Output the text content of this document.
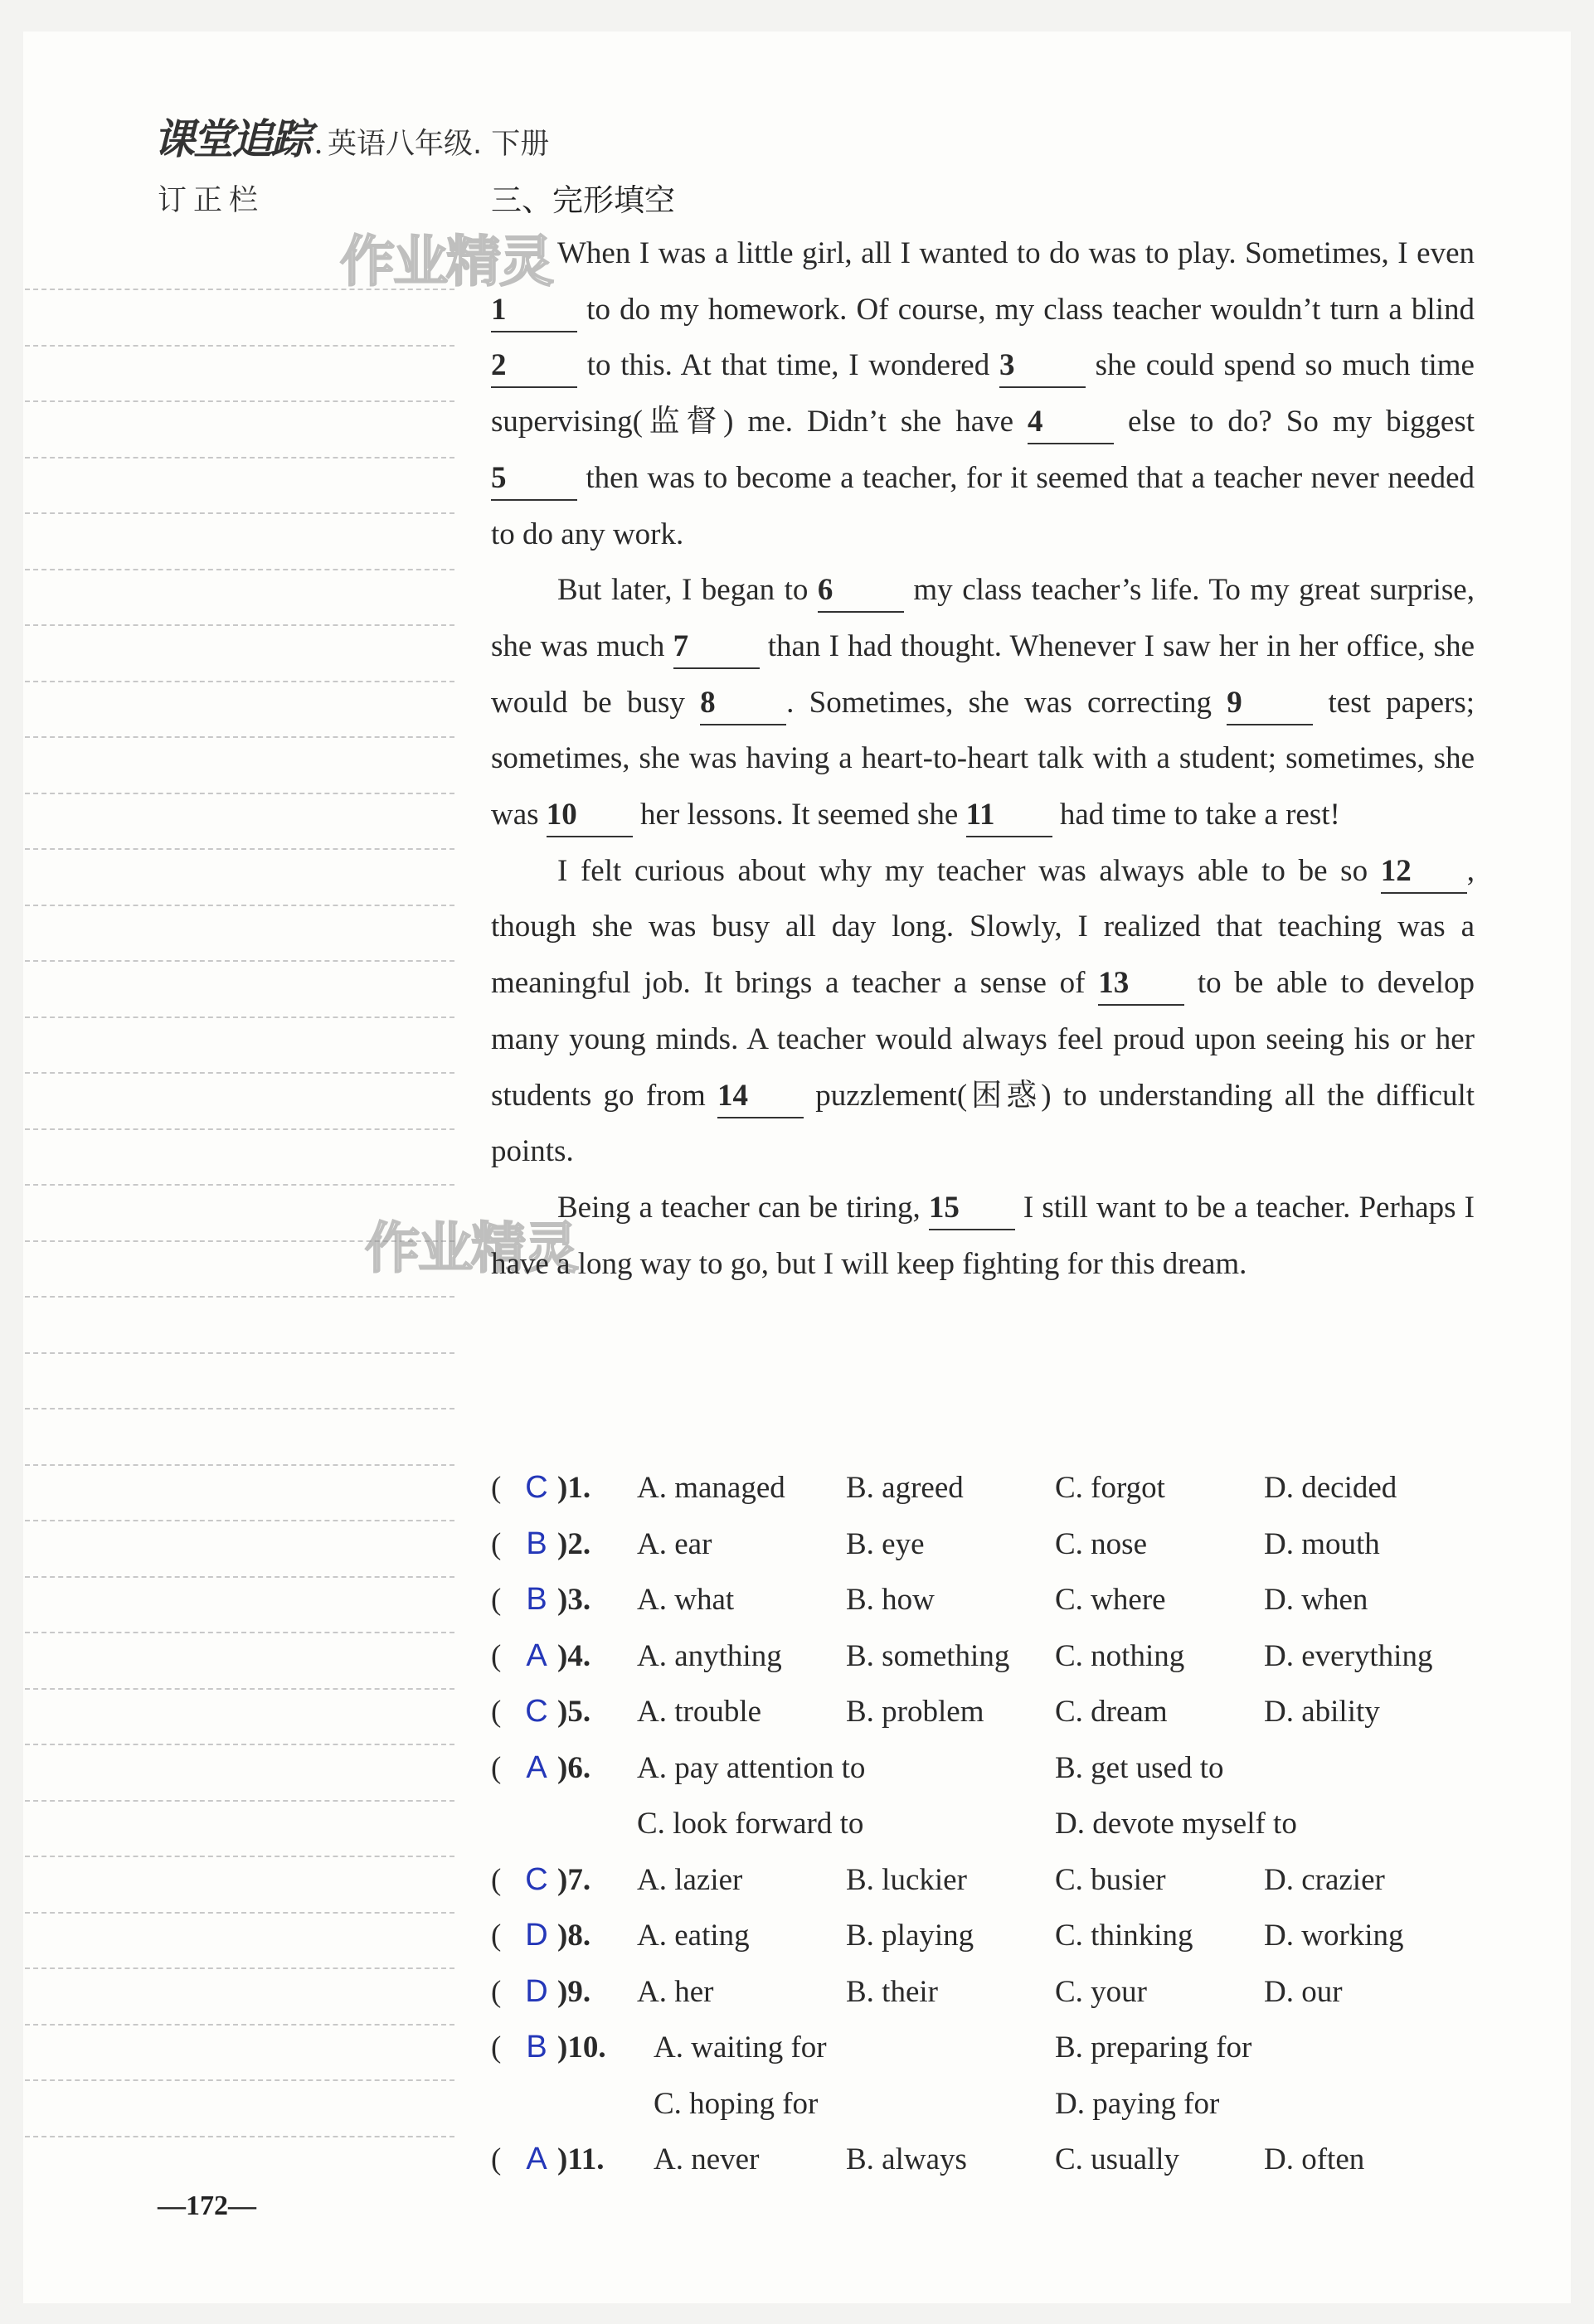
课堂追踪 . 英语八年级. 下册
订正栏
作业精灵
作业精灵
三、完形填空
When I was a little girl, all I wanted to do was to play. Sometimes, I even 1 to do my homework. Of course, my class teacher wouldn’t turn a blind 2 to this. At that time, I wondered 3 she could spend so much time supervising(监督) me. Didn’t she have 4 else to do? So my biggest 5 then was to become a teacher, for it seemed that a teacher never needed to do any work.
But later, I began to 6 my class teacher’s life. To my great surprise, she was much 7 than I had thought. Whenever I saw her in her office, she would be busy 8 . Sometimes, she was correcting 9 test papers; sometimes, she was having a heart-to-heart talk with a student; sometimes, she was 10 her lessons. It seemed she 11 had time to take a rest!
I felt curious about why my teacher was always able to be so 12 , though she was busy all day long. Slowly, I realized that teaching was a meaningful job. It brings a teacher a sense of 13 to be able to develop many young minds. A teacher would always feel proud upon seeing his or her students go from 14 puzzlement(困惑) to understanding all the difficult points.
Being a teacher can be tiring, 15 I still want to be a teacher. Perhaps I have a long way to go, but I will keep fighting for this dream.
( C )1. A. managed B. agreed	C. forgot	D. decided
( B )2. A. ear	B. eye	C. nose	D. mouth
( B )3. A. what	B. how	C. where	D. when
( A )4. A. anything B. something C. nothing	D. everything
( C )5. A. trouble	B. problem C. dream	D. ability
( A )6. A. pay attention to	B. get used to
C. look forward to	D. devote myself to
( C )7. A. lazier	B. luckier	C. busier	D. crazier
( D )8. A. eating	B. playing	C. thinking D. working
( D )9. A. her	B. their	C. your	D. our
( B )10. A. waiting for	B. preparing for
C. hoping for	D. paying for
( A )11. A. never	B. always	C. usually	D. often
—172—
